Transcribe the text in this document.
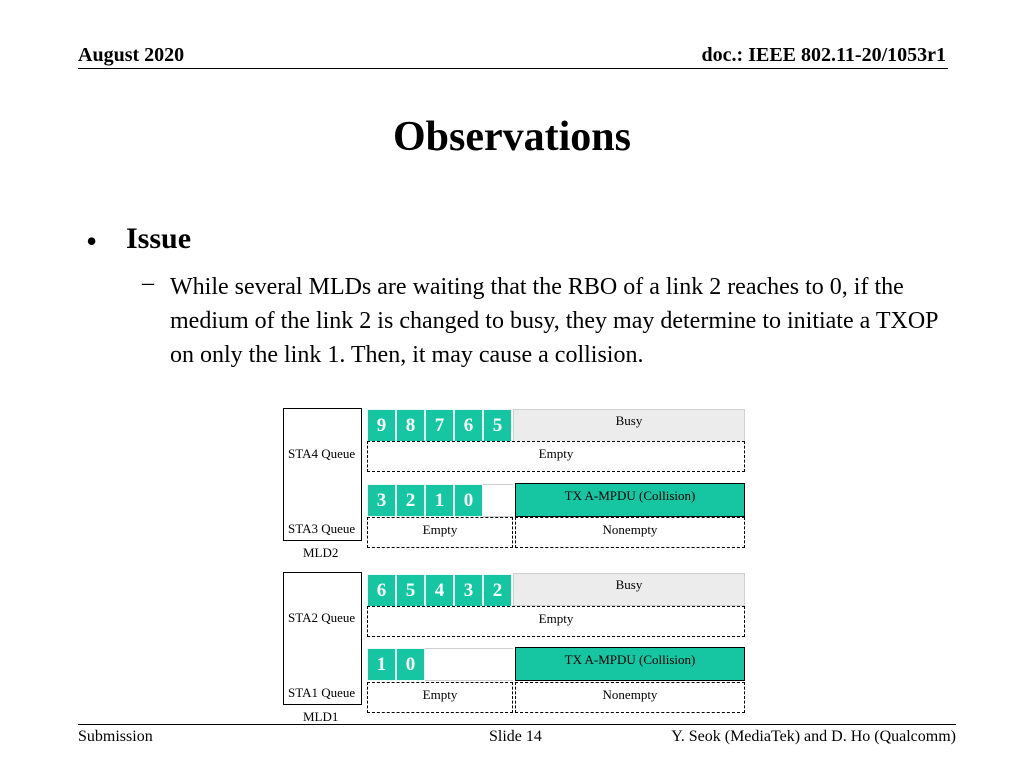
August 2020	doc.: IEEE 802.11-20/1053r1
Observations
• Issue
– While several MLDs are waiting that the RBO of a link 2 reaches to 0, if the medium of the link 2 is changed to busy, they may determine to initiate a TXOP on only the link 1. Then, it may cause a collision.
STA4 Queue
STA3 Queue
MLD2
9	8	7	6	5	Busy
Empty
3	2	1	0	TX A-MPDU (Collision)
Empty	Nonempty
STA2 Queue
STA1 Queue
MLD1
6	5	4	3	2	Busy
Empty
1	0	TX A-MPDU (Collision)
Empty	Nonempty
Submission	Slide 14	Y. Seok (MediaTek) and D. Ho (Qualcomm)
